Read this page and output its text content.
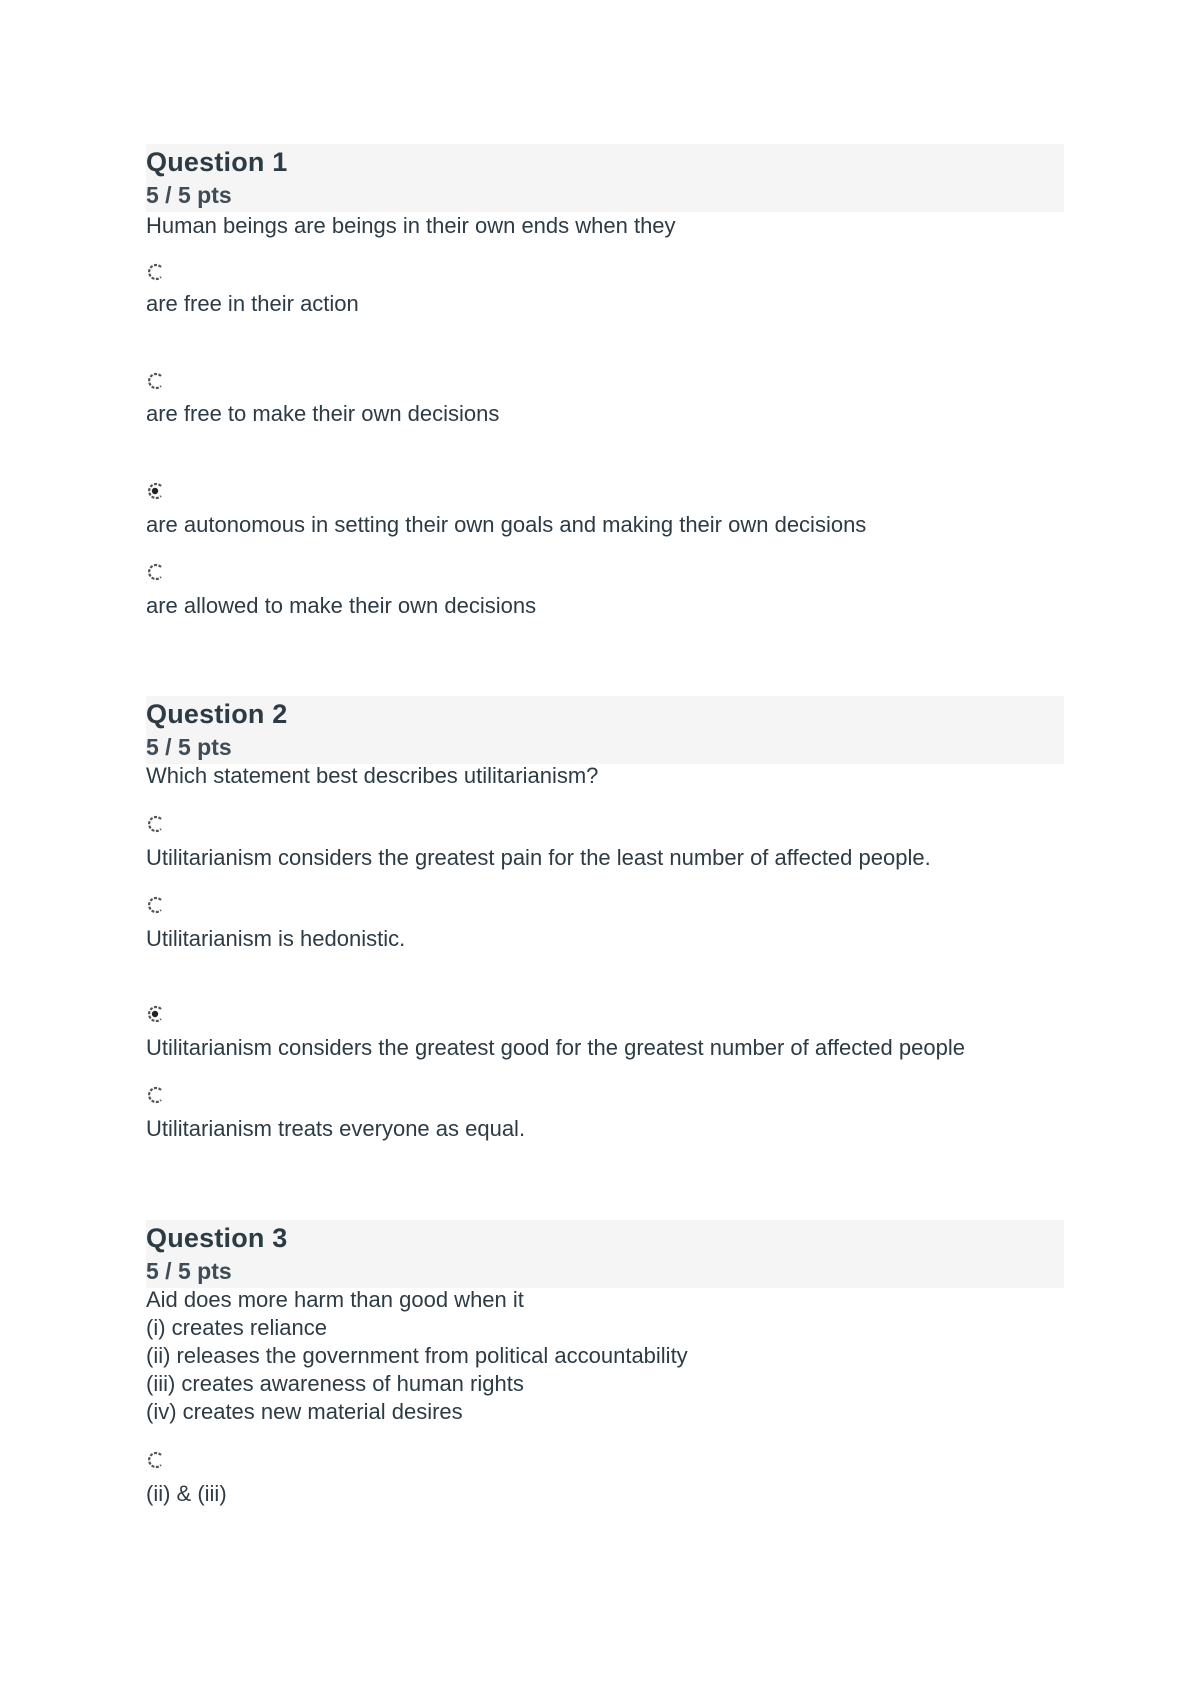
Question 1
5 / 5 pts
Human beings are beings in their own ends when they
are free in their action
are free to make their own decisions
are autonomous in setting their own goals and making their own decisions
are allowed to make their own decisions
Question 2
5 / 5 pts
Which statement best describes utilitarianism?
Utilitarianism considers the greatest pain for the least number of affected people.
Utilitarianism is hedonistic.
Utilitarianism considers the greatest good for the greatest number of affected people
Utilitarianism treats everyone as equal.
Question 3
5 / 5 pts
Aid does more harm than good when it
(i) creates reliance
(ii) releases the government from political accountability
(iii) creates awareness of human rights
(iv) creates new material desires
(ii) & (iii)
